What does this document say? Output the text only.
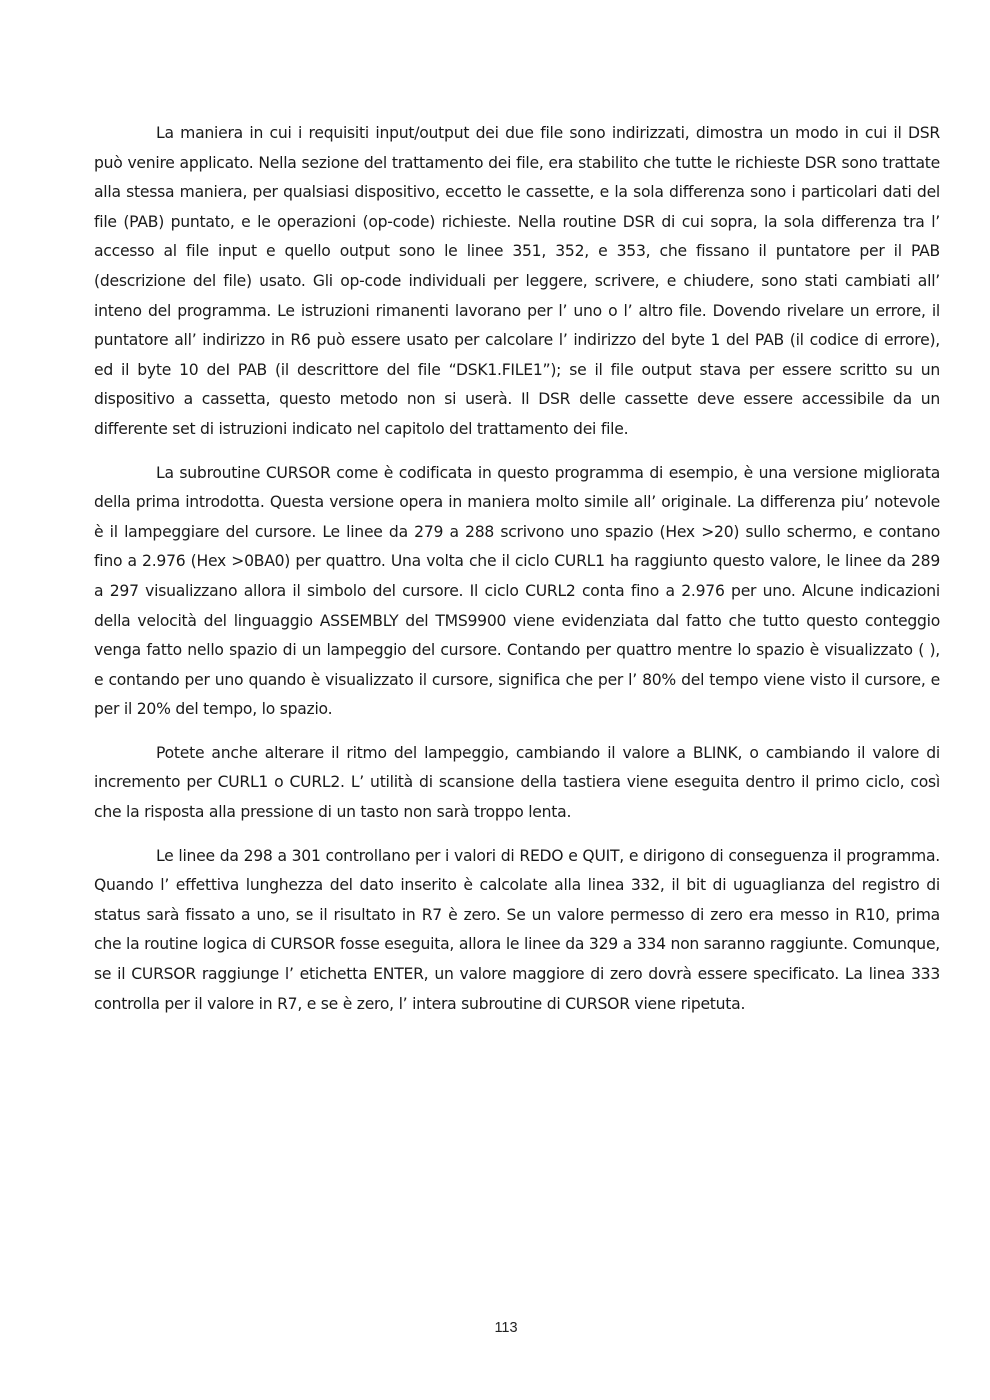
La maniera in cui i requisiti input/output dei due file sono indirizzati, dimostra un modo in cui il DSR può venire applicato. Nella sezione del trattamento dei file, era stabilito che tutte le richieste DSR sono trattate alla stessa maniera, per qualsiasi dispositivo, eccetto le cassette, e la sola differenza sono i particolari dati del file (PAB) puntato, e le operazioni (op-code) richieste. Nella routine DSR di cui sopra, la sola differenza tra l’ accesso al file input e quello output sono le linee 351, 352, e 353, che fissano il puntatore per il PAB (descrizione del file) usato. Gli op-code individuali per leggere, scrivere, e chiudere, sono stati cambiati all’ inteno del programma. Le istruzioni rimanenti lavorano per l’ uno o l’ altro file. Dovendo rivelare un errore, il puntatore all’ indirizzo in R6 può essere usato per calcolare l’ indirizzo del byte 1 del PAB (il codice di errore), ed il byte 10 deI PAB (il descrittore del file “DSK1.FILE1”); se il file output stava per essere scritto su un dispositivo a cassetta, questo metodo non si userà. Il DSR delle cassette deve essere accessibile da un differente set di istruzioni indicato nel capitolo del trattamento dei file.

La subroutine CURSOR come è codificata in questo programma di esempio, è una versione migliorata della prima introdotta. Questa versione opera in maniera molto simile all’ originale. La differenza piu’ notevole è il lampeggiare del cursore. Le linee da 279 a 288 scrivono uno spazio (Hex >20) sullo schermo, e contano fino a 2.976 (Hex >0BA0) per quattro. Una volta che il ciclo CURL1 ha raggiunto questo valore, le linee da 289 a 297 visualizzano allora il simbolo del cursore. Il ciclo CURL2 conta fino a 2.976 per uno. Alcune indicazioni della velocità del linguaggio ASSEMBLY del TMS9900 viene evidenziata dal fatto che tutto questo conteggio venga fatto nello spazio di un lampeggio del cursore. Contando per quattro mentre lo spazio è visualizzato ( ), e contando per uno quando è visualizzato il cursore, significa che per l’ 80% del tempo viene visto il cursore, e per il 20% del tempo, lo spazio.

Potete anche alterare il ritmo del lampeggio, cambiando il valore a BLINK, o cambiando il valore di incremento per CURL1 o CURL2. L’ utilità di scansione della tastiera viene eseguita dentro il primo ciclo, così che la risposta alla pressione di un tasto non sarà troppo lenta.

Le linee da 298 a 301 controllano per i valori di REDO e QUIT, e dirigono di conseguenza il programma. Quando l’ effettiva lunghezza del dato inserito è calcolate alla linea 332, il bit di uguaglianza del registro di status sarà fissato a uno, se il risultato in R7 è zero. Se un valore permesso di zero era messo in R10, prima che la routine logica di CURSOR fosse eseguita, allora le linee da 329 a 334 non saranno raggiunte. Comunque, se il CURSOR raggiunge l’ etichetta ENTER, un valore maggiore di zero dovrà essere specificato. La linea 333 controlla per il valore in R7, e se è zero, l’ intera subroutine di CURSOR viene ripetuta.

113
